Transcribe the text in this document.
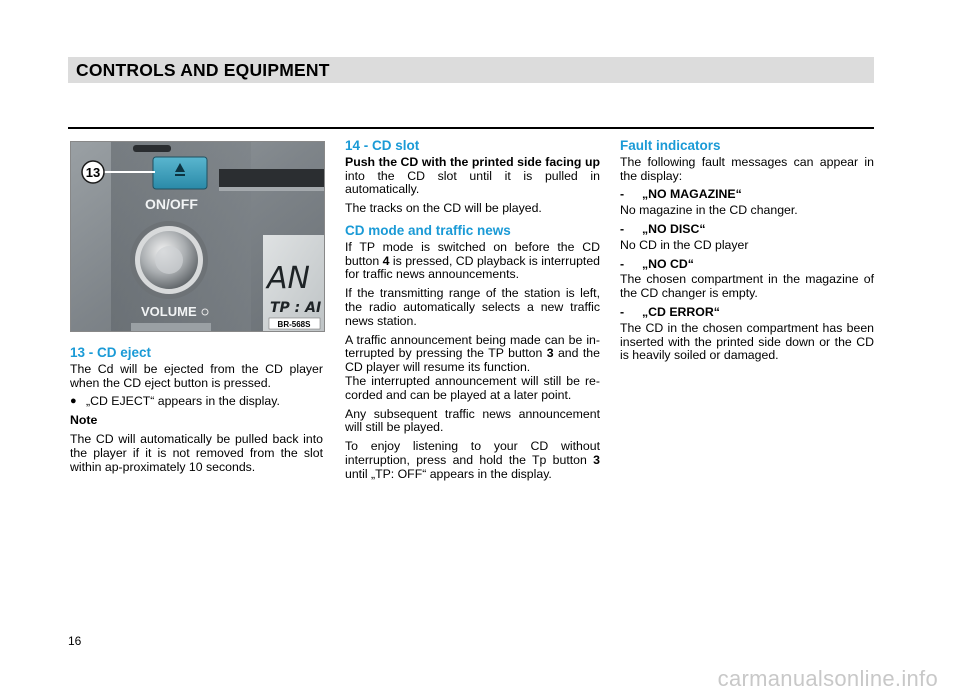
CONTROLS AND EQUIPMENT
13
ON/OFF
VOLUME
AN
TP : AI
BR-568S
13 - CD eject

The Cd will be ejected from the CD player when the CD eject button is pressed.

● „CD EJECT“ appears in the display.

Note

The CD will automatically be pulled back into the player if it is not removed from the slot within ap-proximately 10 seconds.

14 - CD slot

Push the CD with the printed side facing up into the CD slot until it is pulled in automatically.

The tracks on the CD will be played.

CD mode and traffic news

If TP mode is switched on before the CD button 4 is pressed, CD playback is interrupted for traffic news announcements.

If the transmitting range of the station is left, the radio automatically selects a new traffic news station.

A traffic announcement being made can be in-terrupted by pressing the TP button 3 and the CD player will resume its function.

The interrupted announcement will still be re-corded and can be played at a later point.

Any subsequent traffic news announcement will still be played.

To enjoy listening to your CD without interruption, press and hold the Tp button 3 until „TP: OFF“ appears in the display.

Fault indicators

The following fault messages can appear in the display:

-	„NO MAGAZINE“

No magazine in the CD changer.

-	„NO DISC“

No CD in the CD player

-	„NO CD“

The chosen compartment in the magazine of the CD changer is empty.

-	„CD ERROR“

The CD in the chosen compartment has been inserted with the printed side down or the CD is heavily soiled or damaged.

16
carmanualsonline.info
